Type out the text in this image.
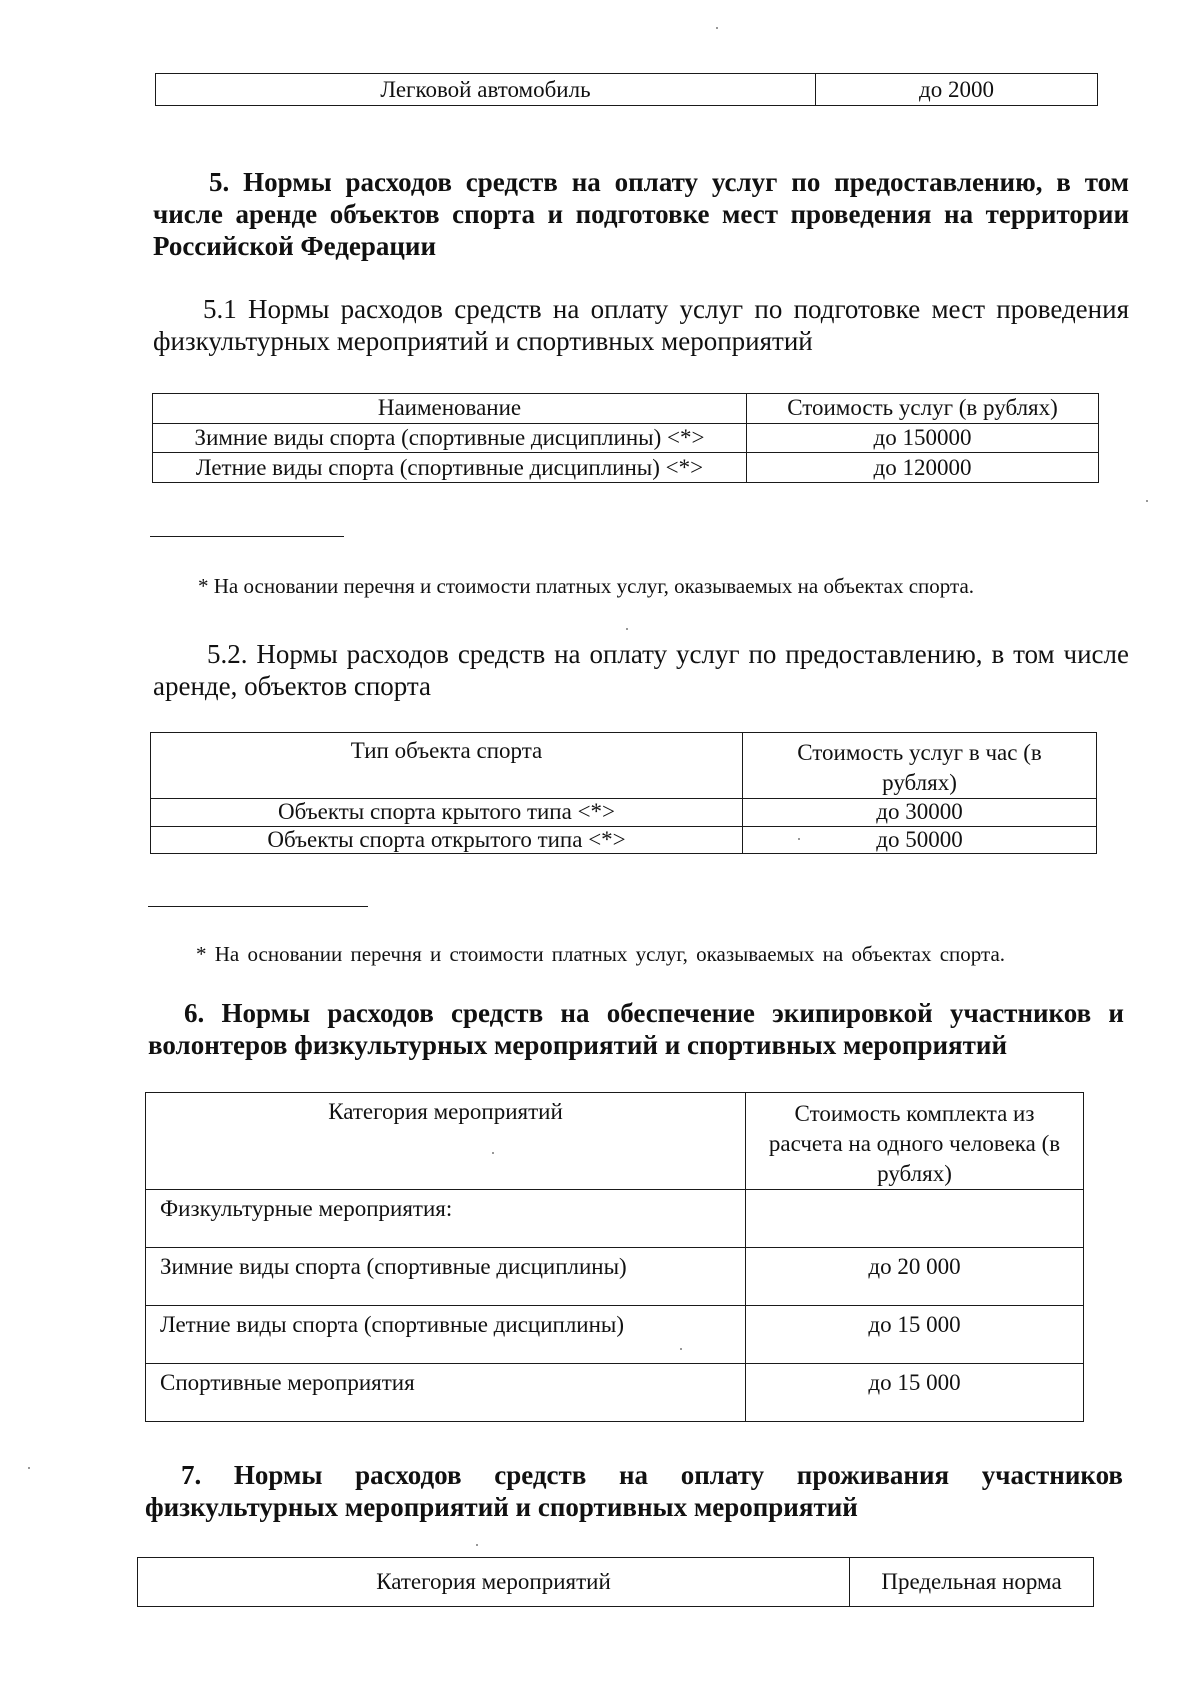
Легковой автомобиль	до 2000

5. Нормы расходов средств на оплату услуг по предоставлению, в том числе аренде объектов спорта и подготовке мест проведения на территории Российской Федерации

5.1 Нормы расходов средств на оплату услуг по подготовке мест проведения физкультурных мероприятий и спортивных мероприятий

Наименование	Стоимость услуг (в рублях)
Зимние виды спорта (спортивные дисциплины) <*>	до 150000
Летние виды спорта (спортивные дисциплины) <*>	до 120000

* На основании перечня и стоимости платных услуг, оказываемых на объектах спорта.

5.2. Нормы расходов средств на оплату услуг по предоставлению, в том числе аренде, объектов спорта

Тип объекта спорта	Стоимость услуг в час (в рублях)
Объекты спорта крытого типа <*>	до 30000
Объекты спорта открытого типа <*>	до 50000

* На основании перечня и стоимости платных услуг, оказываемых на объектах спорта.

6. Нормы расходов средств на обеспечение экипировкой участников и волонтеров физкультурных мероприятий и спортивных мероприятий

Категория мероприятий	Стоимость комплекта из расчета на одного человека (в рублях)
Физкультурные мероприятия:	
Зимние виды спорта (спортивные дисциплины)	до 20 000
Летние виды спорта (спортивные дисциплины)	до 15 000
Спортивные мероприятия	до 15 000

7. Нормы расходов средств на оплату проживания участников физкультурных мероприятий и спортивных мероприятий

Категория мероприятий	Предельная норма
